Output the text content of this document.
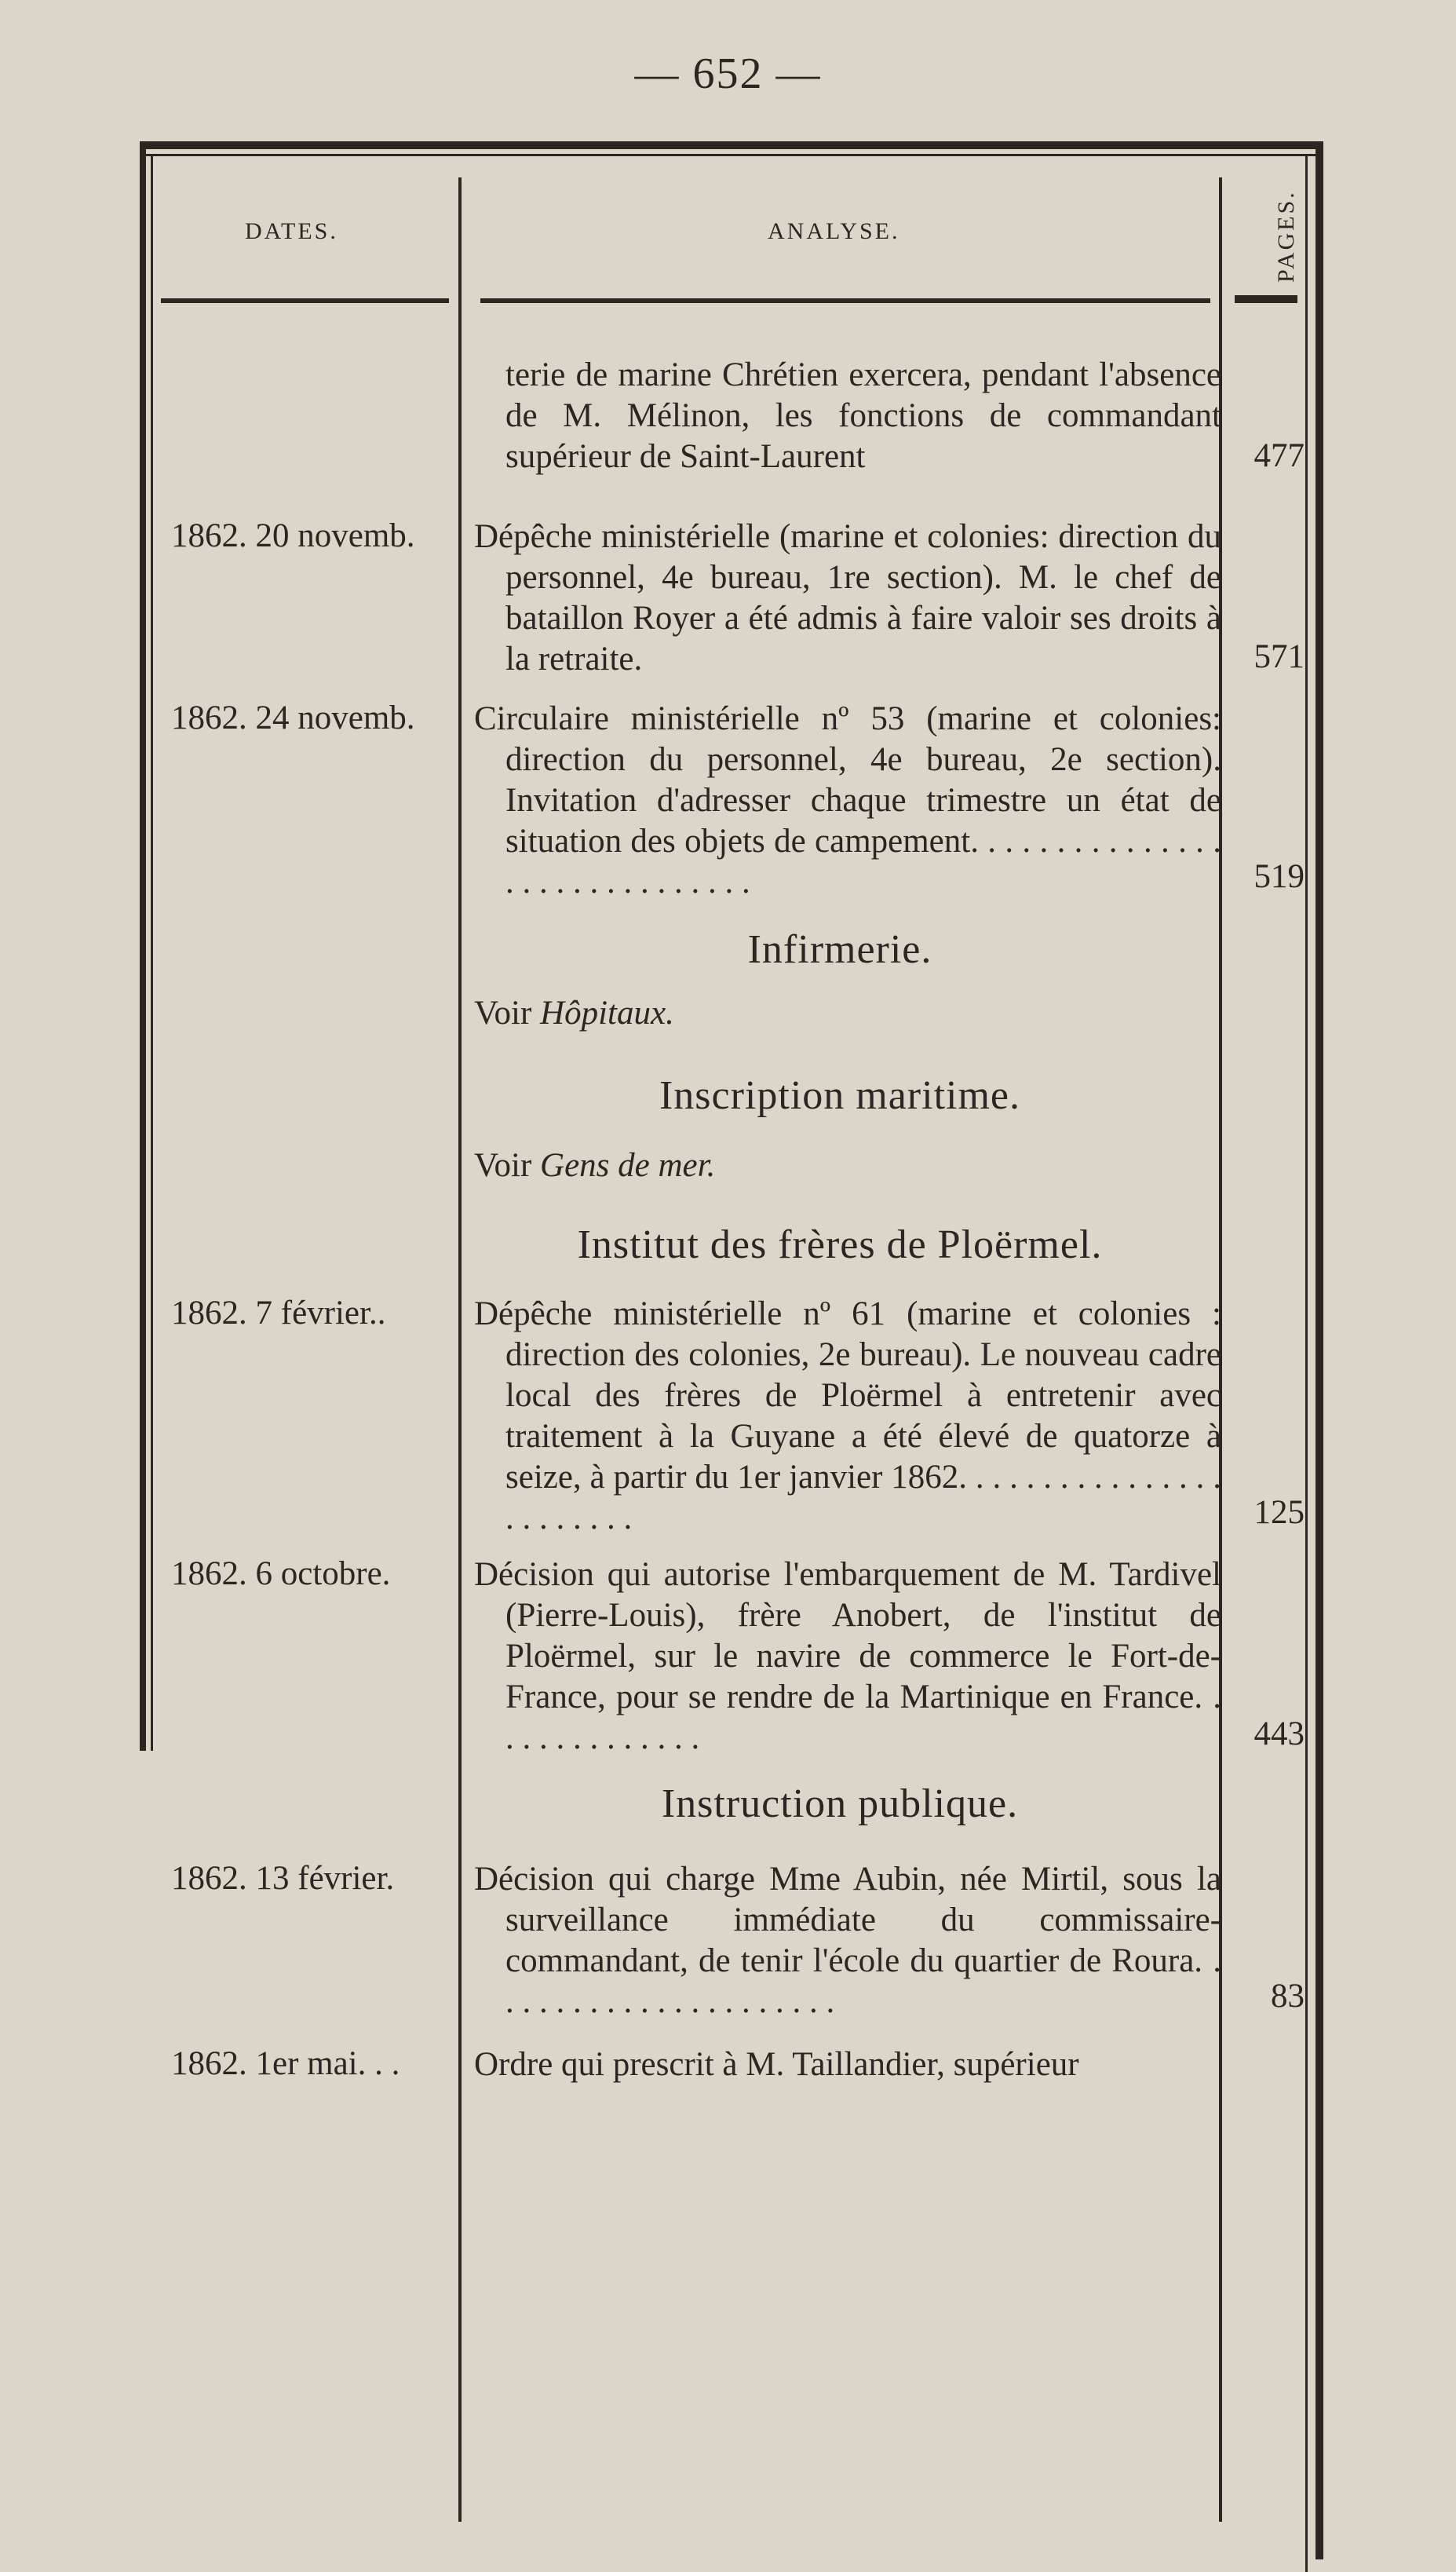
— 652 —
DATES.	ANALYSE.	PAGES.
terie de marine Chrétien exercera, pendant l'absence de M. Mélinon, les fonctions de commandant supérieur de Saint-Laurent	477
1862. 20 novemb. Dépêche ministérielle (marine et colonies: direction du personnel, 4e bureau, 1re section). M. le chef de bataillon Royer a été admis à faire valoir ses droits à la retraite.	571
1862. 24 novemb. Circulaire ministérielle nº 53 (marine et colonies: direction du personnel, 4e bureau, 2e section). Invitation d'adresser chaque trimestre un état de situation des objets de campement. . . . . . . . . . . . . . . . . . . . . . . . . . . . . .	519
Infirmerie.
Voir Hôpitaux.
Inscription maritime.
Voir Gens de mer.
Institut des frères de Ploërmel.
1862. 7 février..	Dépêche ministérielle nº 61 (marine et colonies : direction des colonies, 2e bureau). Le nouveau cadre local des frères de Ploërmel à entretenir avec traitement à la Guyane a été élevé de quatorze à seize, à partir du 1er janvier 1862. . . . . . . . . . . . . . . . . . . . . . . .	125
1862. 6 octobre. Décision qui autorise l'embarquement de M. Tardivel (Pierre-Louis), frère Anobert, de l'institut de Ploërmel, sur le navire de commerce le Fort-de-France, pour se rendre de la Martinique en France. . . . . . . . . . . . . .	443
Instruction publique.
1862. 13 février. Décision qui charge Mme Aubin, née Mirtil, sous la surveillance immédiate du commissaire-commandant, de tenir l'école du quartier de Roura. . . . . . . . . . . . . . . . . . . . . .	83
1862. 1er mai. . . Ordre qui prescrit à M. Taillandier, supérieur
